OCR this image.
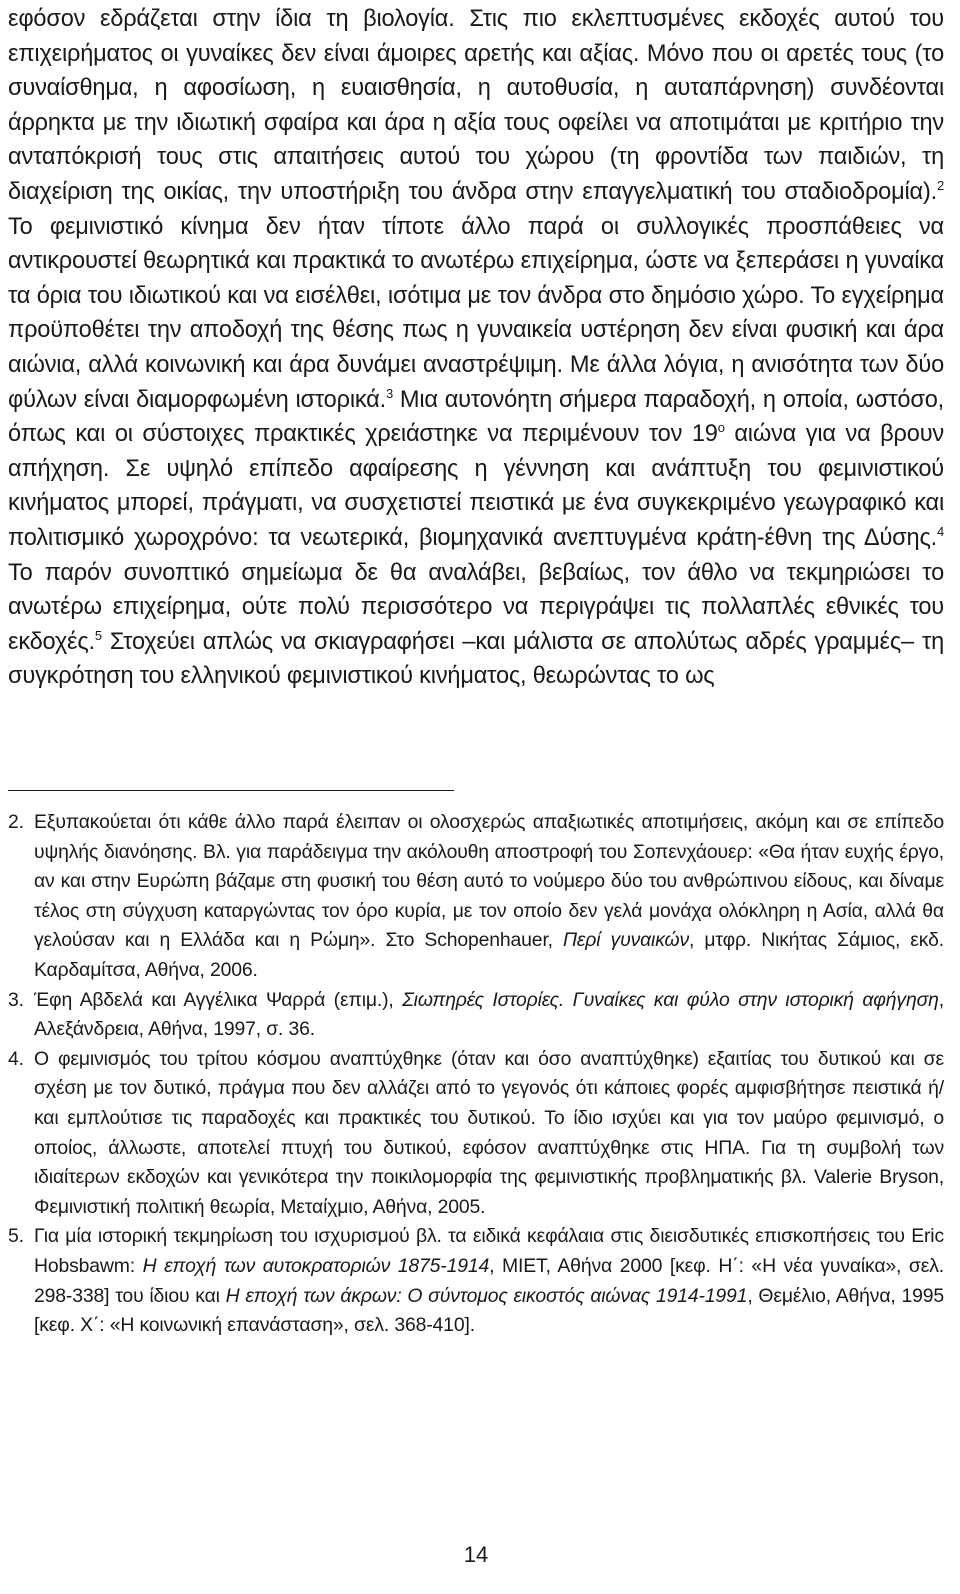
εφόσον εδράζεται στην ίδια τη βιολογία. Στις πιο εκλεπτυσμένες εκδοχές αυτού του επιχειρήματος οι γυναίκες δεν είναι άμοιρες αρετής και αξίας. Μόνο που οι αρετές τους (το συναίσθημα, η αφοσίωση, η ευαισθησία, η αυτοθυσία, η αυταπάρνηση) συνδέονται άρρηκτα με την ιδιωτική σφαίρα και άρα η αξία τους οφείλει να αποτιμάται με κριτήριο την ανταπόκρισή τους στις απαιτήσεις αυτού του χώρου (τη φροντίδα των παιδιών, τη διαχείριση της οικίας, την υποστήριξη του άνδρα στην επαγγελματική του σταδιοδρομία).$^2$ Το φεμινιστικό κίνημα δεν ήταν τίποτε άλλο παρά οι συλλογικές προσπάθειες να αντικρουστεί θεωρητικά και πρακτικά το ανωτέρω επιχείρημα, ώστε να ξεπεράσει η γυναίκα τα όρια του ιδιωτικού και να εισέλθει, ισότιμα με τον άνδρα στο δημόσιο χώρο. Το εγχείρημα προϋποθέτει την αποδοχή της θέσης πως η γυναικεία υστέρηση δεν είναι φυσική και άρα αιώνια, αλλά κοινωνική και άρα δυνάμει αναστρέψιμη. Με άλλα λόγια, η ανισότητα των δύο φύλων είναι διαμορφωμένη ιστορικά.$^3$ Μια αυτονόητη σήμερα παραδοχή, η οποία, ωστόσο, όπως και οι σύστοιχες πρακτικές χρειάστηκε να περιμένουν τον $19^o$ αιώνα για να βρουν απήχηση. Σε υψηλό επίπεδο αφαίρεσης η γέννηση και ανάπτυξη του φεμινιστικού κινήματος μπορεί, πράγματι, να συσχετιστεί πειστικά με ένα συγκεκριμένο γεωγραφικό και πολιτισμικό χωροχρόνο: τα νεωτερικά, βιομηχανικά ανεπτυγμένα κράτη-έθνη της Δύσης.$^4$ Το παρόν συνοπτικό σημείωμα δε θα αναλάβει, βεβαίως, τον άθλο να τεκμηριώσει το ανωτέρω επιχείρημα, ούτε πολύ περισσότερο να περιγράψει τις πολλαπλές εθνικές του εκδοχές.$^5$ Στοχεύει απλώς να σκιαγραφήσει –και μάλιστα σε απολύτως αδρές γραμμές– τη συγκρότηση του ελληνικού φεμινιστικού κινήματος, θεωρώντας το ως

2. Εξυπακούεται ότι κάθε άλλο παρά έλειπαν οι ολοσχερώς απαξιωτικές αποτιμήσεις, ακόμη και σε επίπεδο υψηλής διανόησης. Βλ. για παράδειγμα την ακόλουθη αποστροφή του Σοπενχάουερ: «Θα ήταν ευχής έργο, αν και στην Ευρώπη βάζαμε στη φυσική του θέση αυτό το νούμερο δύο του ανθρώπινου είδους, και δίναμε τέλος στη σύγχυση καταργώντας τον όρο κυρία, με τον οποίο δεν γελά μονάχα ολόκληρη η Ασία, αλλά θα γελούσαν και η Ελλάδα και η Ρώμη». Στο Schopenhauer, Περί γυναικών, μτφρ. Νικήτας Σάμιος, εκδ. Καρδαμίτσα, Αθήνα, 2006.

3. Έφη Αβδελά και Αγγέλικα Ψαρρά (επιμ.), Σιωπηρές Ιστορίες. Γυναίκες και φύλο στην ιστορική αφήγηση, Αλεξάνδρεια, Αθήνα, 1997, σ. 36.

4. Ο φεμινισμός του τρίτου κόσμου αναπτύχθηκε (όταν και όσο αναπτύχθηκε) εξαιτίας του δυτικού και σε σχέση με τον δυτικό, πράγμα που δεν αλλάζει από το γεγονός ότι κάποιες φορές αμφισβήτησε πειστικά ή/και εμπλούτισε τις παραδοχές και πρακτικές του δυτικού. Το ίδιο ισχύει και για τον μαύρο φεμινισμό, ο οποίος, άλλωστε, αποτελεί πτυχή του δυτικού, εφόσον αναπτύχθηκε στις ΗΠΑ. Για τη συμβολή των ιδιαίτερων εκδοχών και γενικότερα την ποικιλομορφία της φεμινιστικής προβληματικής βλ. Valerie Bryson, Φεμινιστική πολιτική θεωρία, Μεταίχμιο, Αθήνα, 2005.

5. Για μία ιστορική τεκμηρίωση του ισχυρισμού βλ. τα ειδικά κεφάλαια στις διεισδυτικές επισκοπήσεις του Eric Hobsbawm: Η εποχή των αυτοκρατοριών 1875-1914, ΜΙΕΤ, Αθήνα 2000 [κεφ. Η΄: «Η νέα γυναίκα», σελ. 298-338] του ίδιου και Η εποχή των άκρων: Ο σύντομος εικοστός αιώνας 1914-1991, Θεμέλιο, Αθήνα, 1995 [κεφ. Χ΄: «Η κοινωνική επανάσταση», σελ. 368-410].

14
